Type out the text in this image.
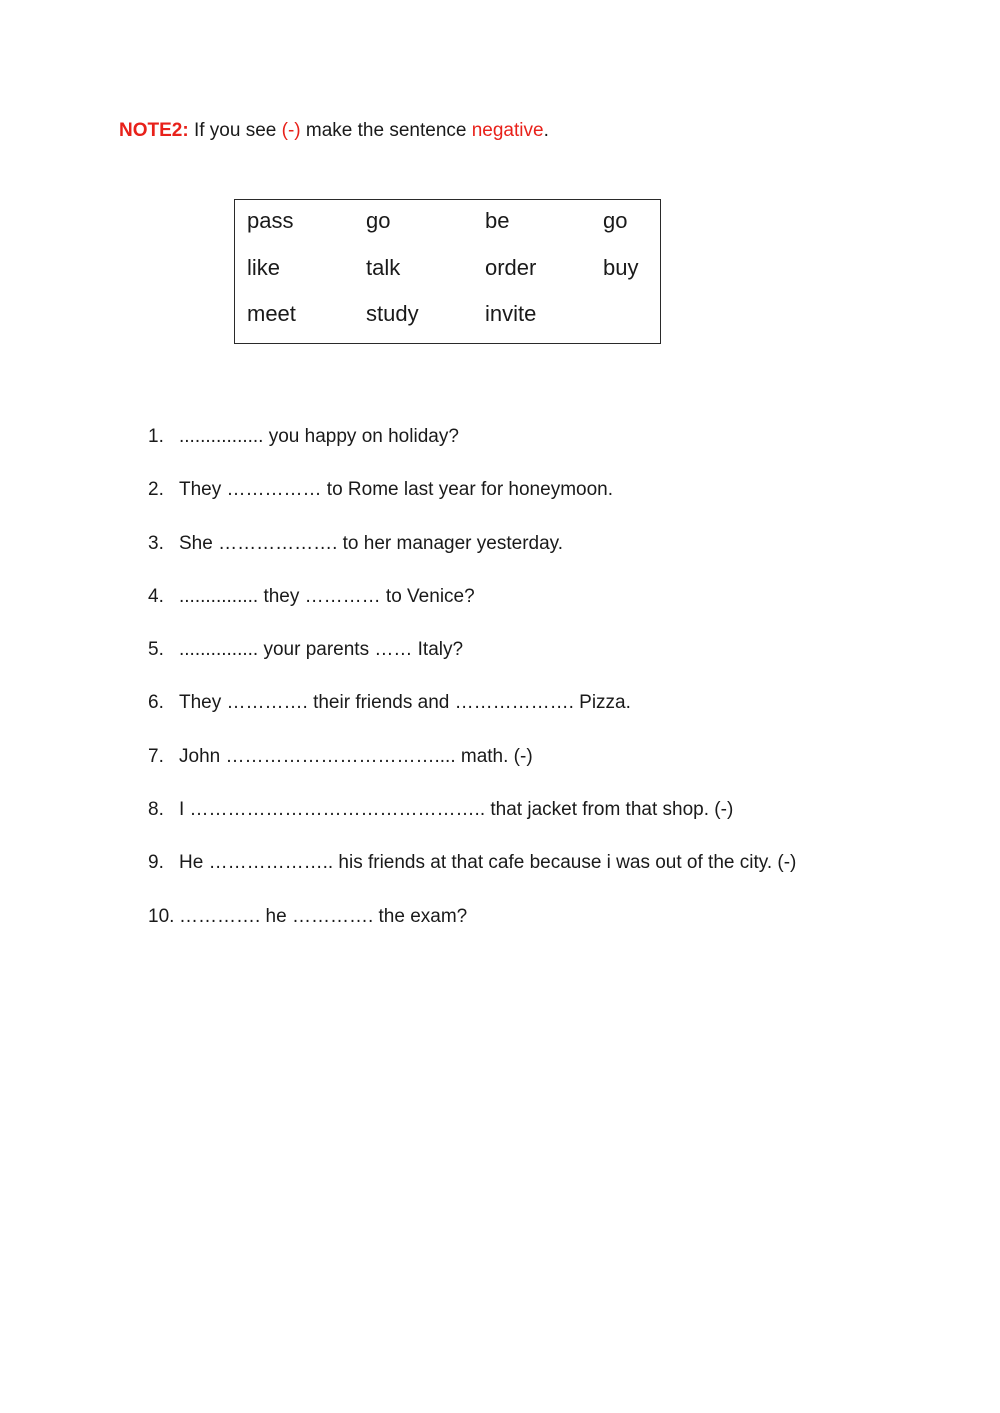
NOTE2: If you see (-) make the sentence negative.
pass	go	be	go
like	talk	order	buy
meet	study	invite
1. ................ you happy on holiday?
2. They …………… to Rome last year for honeymoon.
3. She ………………. to her manager yesterday.
4. ............... they ………… to Venice?
5. ............... your parents …… Italy?
6. They …………. their friends and ………………. Pizza.
7. John …………………………….... math. (-)
8. I ……………………………………….. that jacket from that shop. (-)
9. He ……………….. his friends at that cafe because i was out of the city. (-)
10. …………. he …………. the exam?
